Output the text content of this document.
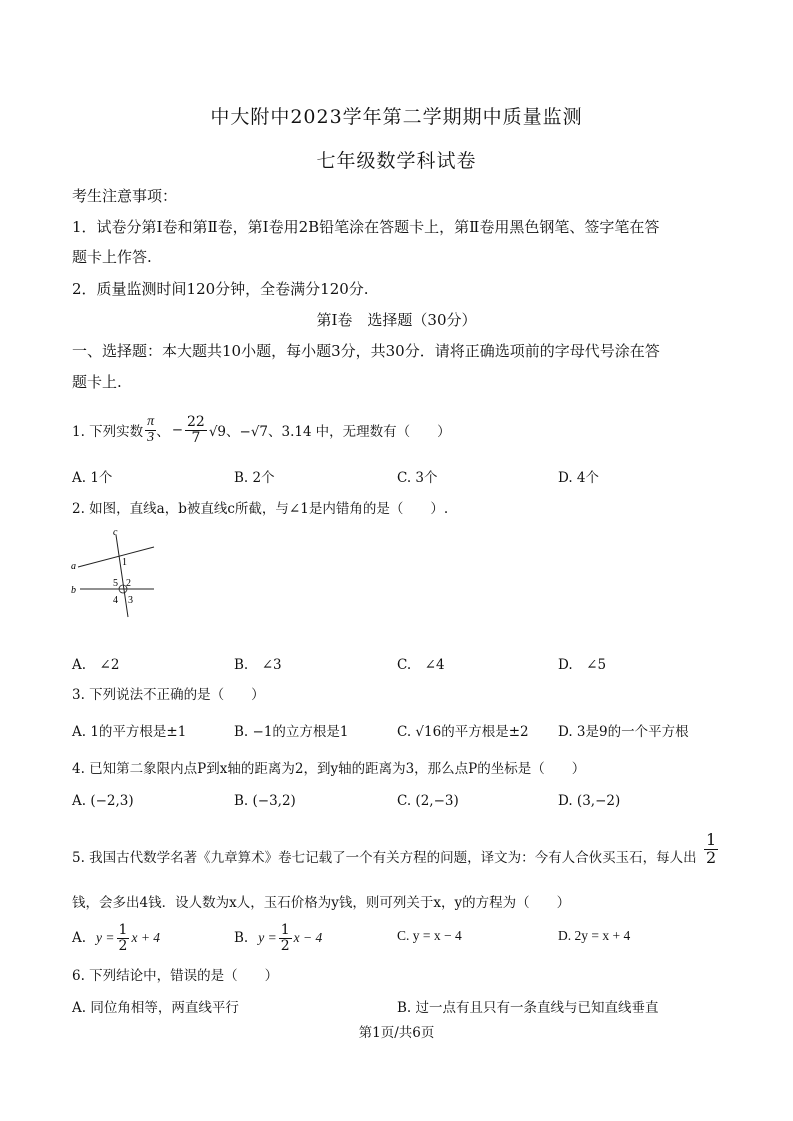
中大附中2023学年第二学期期中质量监测
七年级数学科试卷
考生注意事项：
1．试卷分第Ⅰ卷和第Ⅱ卷，第Ⅰ卷用2B铅笔涂在答题卡上，第Ⅱ卷用黑色钢笔、签字笔在答
题卡上作答.
2．质量监测时间120分钟，全卷满分120分.
第Ⅰ卷　选择题（30分）
一、选择题：本大题共10小题，每小题3分，共30分．请将正确选项前的字母代号涂在答
题卡上.
1. 下列实数 $\frac{\pi}{3}$ 、 − $\frac{22}{7} √9$、−√7、3.14 中，无理数有（　　）
A. 1个	B. 2个	C. 3个	D. 4个
2. 如图，直线a，b被直线c所截，与∠1是内错角的是（　　）.
c
a
b
1
2
3
4
5
A.　∠2	B.　∠3	C.　∠4	D.　∠5
3. 下列说法不正确的是（　　）
A. 1的平方根是±1	B. −1的立方根是1	C. √16的平方根是±2 D. 3是9的一个平方根
4. 已知第二象限内点P到x轴的距离为2，到y轴的距离为3，那么点P的坐标是（　　）
A. (−2,3)	B. (−3,2)	C. (2,−3)	D. (3,−2)
5. 我国古代数学名著《九章算术》卷七记载了一个有关方程的问题，译文为：今有人合伙买玉石，每人出 $\frac{1}{2}$
钱，会多出4钱．设人数为x人，玉石价格为y钱，则可列关于x，y的方程为（　　）
A. $y = \frac{1}{2}$ x + 4	B. $y = \frac{1}{2}$ x − 4	C. y = x − 4	D. 2y = x + 4
6. 下列结论中，错误的是（　　）
A. 同位角相等，两直线平行	B. 过一点有且只有一条直线与已知直线垂直
第1页/共6页
